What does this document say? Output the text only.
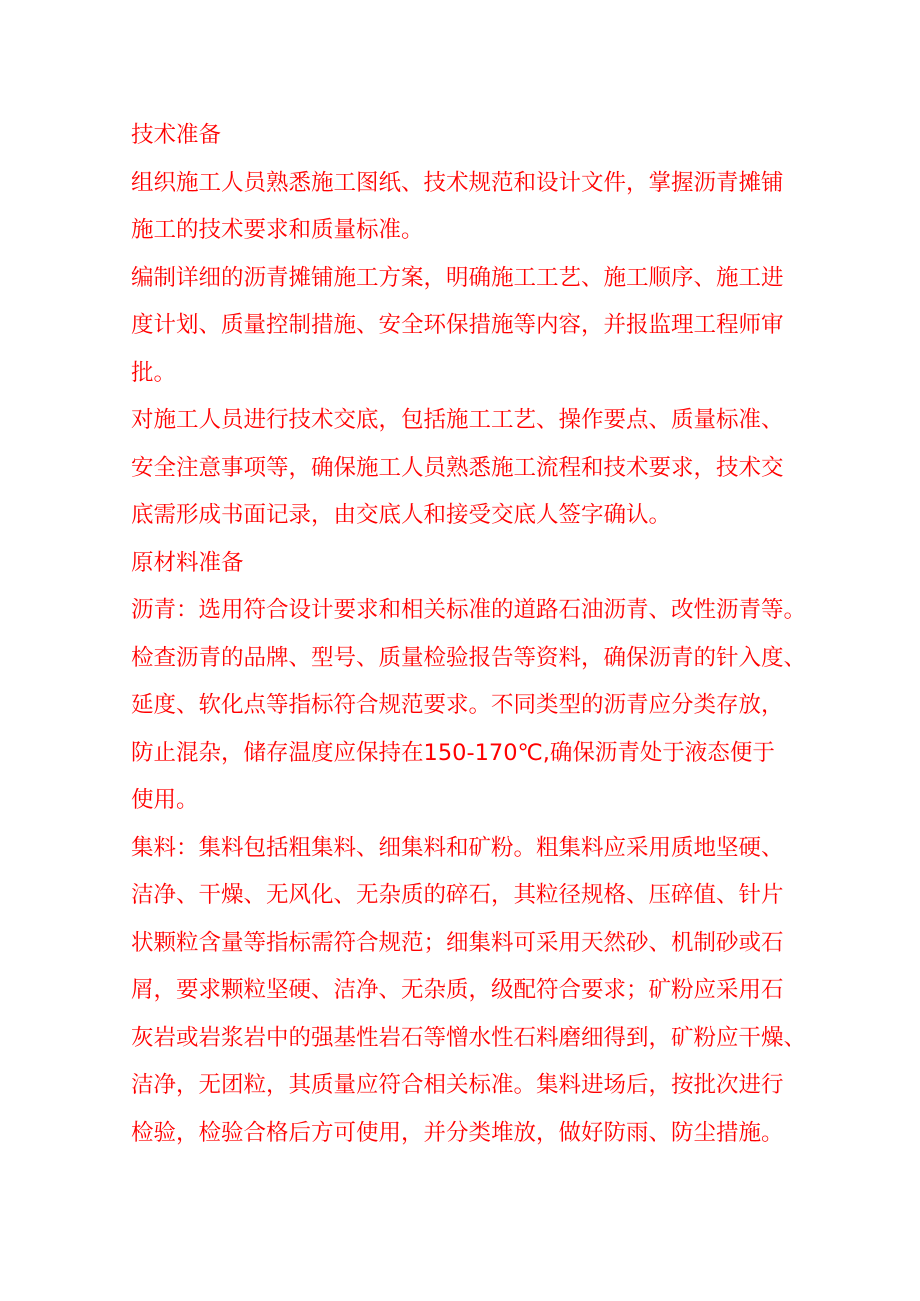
技术准备
组织施工人员熟悉施工图纸、技术规范和设计文件，掌握沥青摊铺
施工的技术要求和质量标准。
编制详细的沥青摊铺施工方案，明确施工工艺、施工顺序、施工进
度计划、质量控制措施、安全环保措施等内容，并报监理工程师审
批。
对施工人员进行技术交底，包括施工工艺、操作要点、质量标准、
安全注意事项等，确保施工人员熟悉施工流程和技术要求，技术交
底需形成书面记录，由交底人和接受交底人签字确认。
原材料准备
沥青：选用符合设计要求和相关标准的道路石油沥青、改性沥青等。
检查沥青的品牌、型号、质量检验报告等资料，确保沥青的针入度、
延度、软化点等指标符合规范要求。不同类型的沥青应分类存放，
防止混杂，储存温度应保持在150-170℃,确保沥青处于液态便于
使用。
集料：集料包括粗集料、细集料和矿粉。粗集料应采用质地坚硬、
洁净、干燥、无风化、无杂质的碎石，其粒径规格、压碎值、针片
状颗粒含量等指标需符合规范；细集料可采用天然砂、机制砂或石
屑，要求颗粒坚硬、洁净、无杂质，级配符合要求；矿粉应采用石
灰岩或岩浆岩中的强基性岩石等憎水性石料磨细得到，矿粉应干燥、
洁净，无团粒，其质量应符合相关标准。集料进场后，按批次进行
检验，检验合格后方可使用，并分类堆放，做好防雨、防尘措施。
